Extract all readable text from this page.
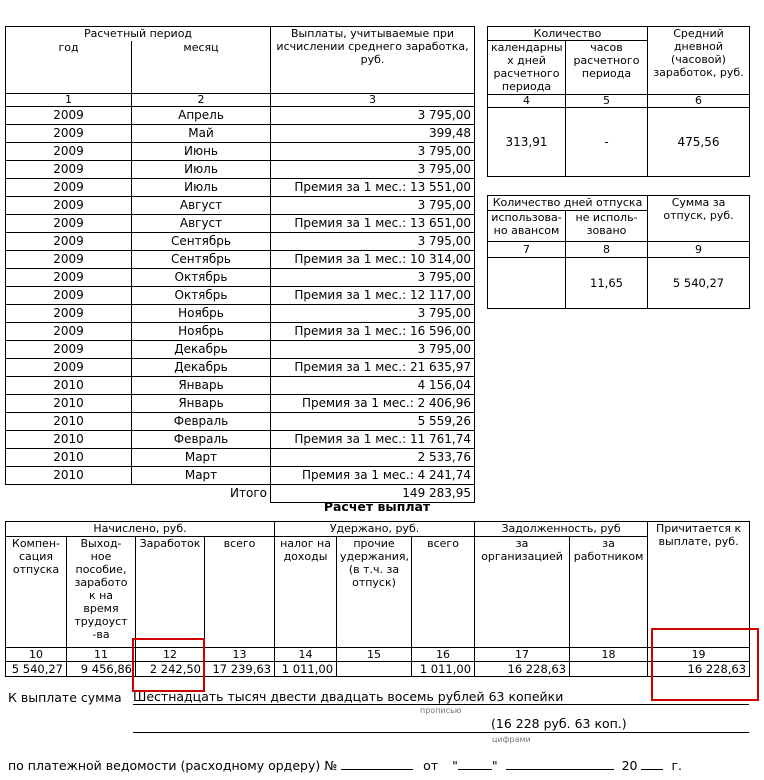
Расчетный период		Выплаты, учитываемые при исчислении среднего заработка, руб.
год	месяц	
1	2	3
2009	Апрель	3 795,00
2009	Май	399,48
2009	Июнь	3 795,00
2009	Июль	3 795,00
2009	Июль	Премия за 1 мес.: 13 551,00
2009	Август	3 795,00
2009	Август	Премия за 1 мес.: 13 651,00
2009	Сентябрь	3 795,00
2009	Сентябрь	Премия за 1 мес.: 10 314,00
2009	Октябрь	3 795,00
2009	Октябрь	Премия за 1 мес.: 12 117,00
2009	Ноябрь	3 795,00
2009	Ноябрь	Премия за 1 мес.: 16 596,00
2009	Декабрь	3 795,00
2009	Декабрь	Премия за 1 мес.: 21 635,97
2010	Январь	4 156,04
2010	Январь	Премия за 1 мес.: 2 406,96
2010	Февраль	5 559,26
2010	Февраль	Премия за 1 мес.: 11 761,74
2010	Март	2 533,76
2010	Март	Премия за 1 мес.: 4 241,74
	Итого	149 283,95
Количество		Средний дневной (часовой) заработок, руб.
календарны х дней расчетного периода	часов расчетного периода	
4	5	6
313,91	-	475,56
Количество дней отпуска		Сумма за отпуск, руб.
использова- но авансом	не исполь- зовано	
7	8	9
	11,65	5 540,27
Расчет выплат
Начислено, руб.				Удержано, руб.			Задолженность, руб		Причитается к выплате, руб.
Компен- сация отпуска	Выход- ное пособие, заработо к на время трудоуст -ва	Заработок	всего	налог на доходы	прочие удержания, (в т.ч. за отпуск)	всего	за организацией	за работником	
10	11	12	13	14	15	16	17	18	19
5 540,27	9 456,86	2 242,50	17 239,63	1 011,00		1 011,00	16 228,63		16 228,63
К выплате сумма Шестнадцать тысяч двести двадцать восемь рублей 63 копейки
прописью
(16 228 руб. 63 коп.)
цифрами
по платежной ведомости (расходному ордеру) №	от "	"	20	г.
